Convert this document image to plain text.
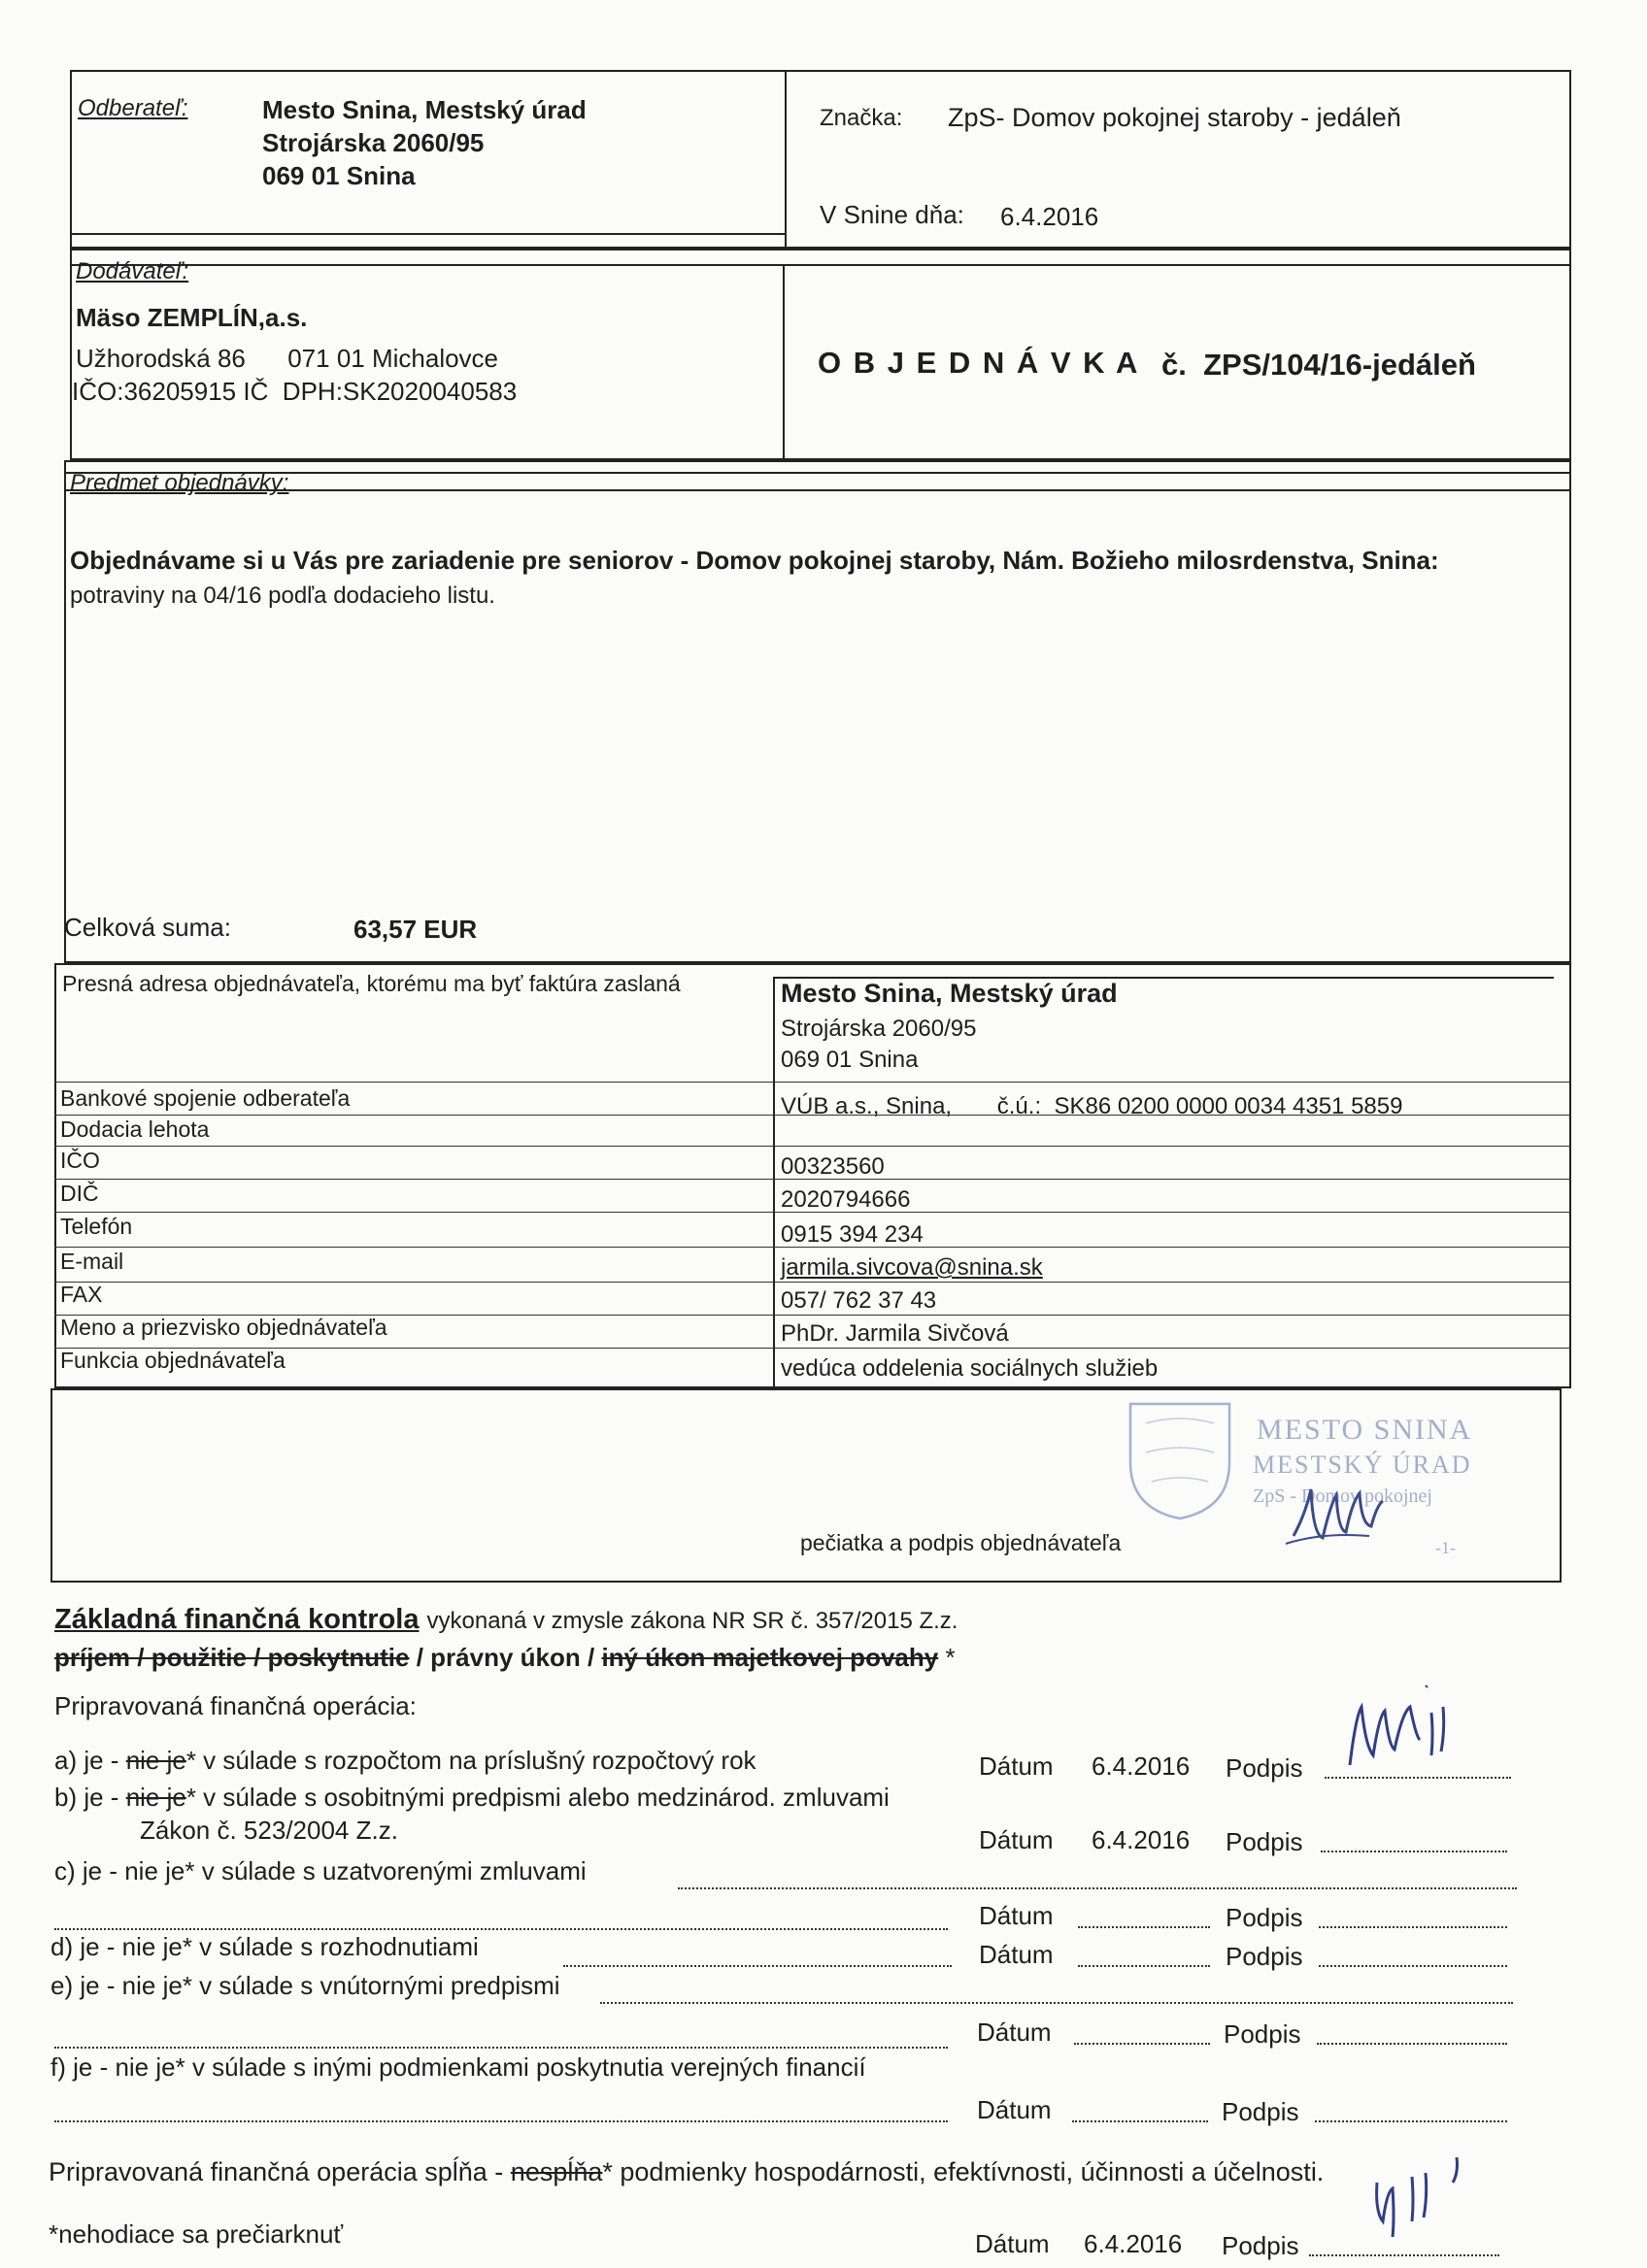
Odberateľ:	Mesto Snina, Mestský úrad
Strojárska 2060/95
069 01 Snina
Značka: ZpS- Domov pokojnej staroby - jedáleň
V Snine dňa: 6.4.2016
Dodávateľ:
Mäso ZEMPLÍN,a.s.
Užhorodská 86      071 01 Michalovce
IČO:36205915 IČ  DPH:SK2020040583
O B J E D N Á V K A č.  ZPS/104/16-jedáleň
Predmet objednávky:
Objednávame si u Vás pre zariadenie pre seniorov - Domov pokojnej staroby, Nám. Božieho milosrdenstva, Snina:
potraviny na 04/16 podľa dodacieho listu.
Celková suma:	63,57 EUR
Presná adresa objednávateľa, ktorému ma byť faktúra zaslaná	Mesto Snina, Mestský úrad
Strojárska 2060/95
069 01 Snina
Bankové spojenie odberateľa	VÚB a.s., Snina,       č.ú.:  SK86 0200 0000 0034 4351 5859
Dodacia lehota
IČO	00323560
DIČ	2020794666
Telefón	0915 394 234
E-mail	jarmila.sivcova@snina.sk
FAX	057/ 762 37 43
Meno a priezvisko objednávateľa	PhDr. Jarmila Sivčová
Funkcia objednávateľa	vedúca oddelenia sociálnych služieb
pečiatka a podpis objednávateľa
MESTO SNINA
MESTSKÝ ÚRAD
ZpS - Domov pokojnej
-1-
Základná finančná kontrola vykonaná v zmysle zákona NR SR č. 357/2015 Z.z.
príjem / použitie / poskytnutie / právny úkon / iný úkon majetkovej povahy *
Pripravovaná finančná operácia:
a) je - nie je* v súlade s rozpočtom na príslušný rozpočtový rok	Dátum 6.4.2016 Podpis
b) je - nie je* v súlade s osobitnými predpismi alebo medzinárod. zmluvami
Zákon č. 523/2004 Z.z.	Dátum 6.4.2016 Podpis
c) je - nie je* v súlade s uzatvorenými zmluvami
Dátum	Podpis
d) je - nie je* v súlade s rozhodnutiami	Dátum	Podpis
e) je - nie je* v súlade s vnútornými predpismi
Dátum	Podpis
f) je - nie je* v súlade s inými podmienkami poskytnutia verejných financií
Dátum	Podpis
Pripravovaná finančná operácia spĺňa - nespĺňa* podmienky hospodárnosti, efektívnosti, účinnosti a účelnosti.
*nehodiace sa prečiarknuť	Dátum 6.4.2016 Podpis
